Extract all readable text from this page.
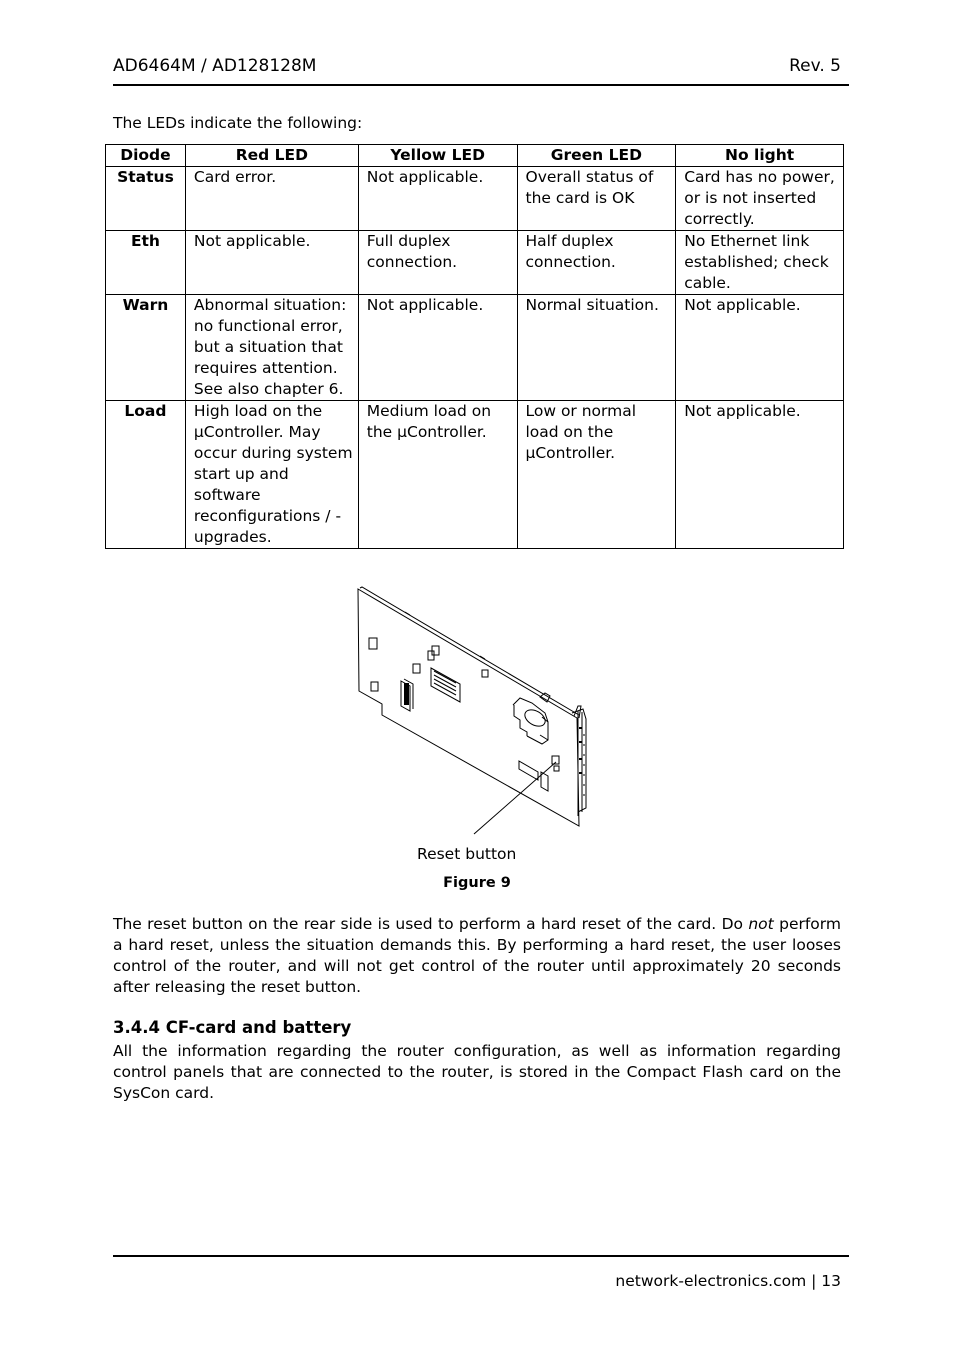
AD6464M / AD128128M	Rev. 5
The LEDs indicate the following:
Diode	Red LED	Yellow LED	Green LED	No light
Status	Card error.	Not applicable.	Overall status of the card is OK	Card has no power, or is not inserted correctly.
Eth	Not applicable.	Full duplex connection.	Half duplex connection.	No Ethernet link established; check cable.
Warn	Abnormal situation: no functional error, but a situation that requires attention. See also chapter 6.	Not applicable.	Normal situation.	Not applicable.
Load	High load on the µController. May occur during system start up and software reconfigurations / -upgrades.	Medium load on the µController.	Low or normal load on the µController.	Not applicable.
Reset button
Figure 9

The reset button on the rear side is used to perform a hard reset of the card. Do not perform a hard reset, unless the situation demands this. By performing a hard reset, the user looses control of the router, and will not get control of the router until approximately 20 seconds after releasing the reset button.

3.4.4 CF-card and battery

All the information regarding the router configuration, as well as information regarding control panels that are connected to the router, is stored in the Compact Flash card on the SysCon card.

network-electronics.com | 13
